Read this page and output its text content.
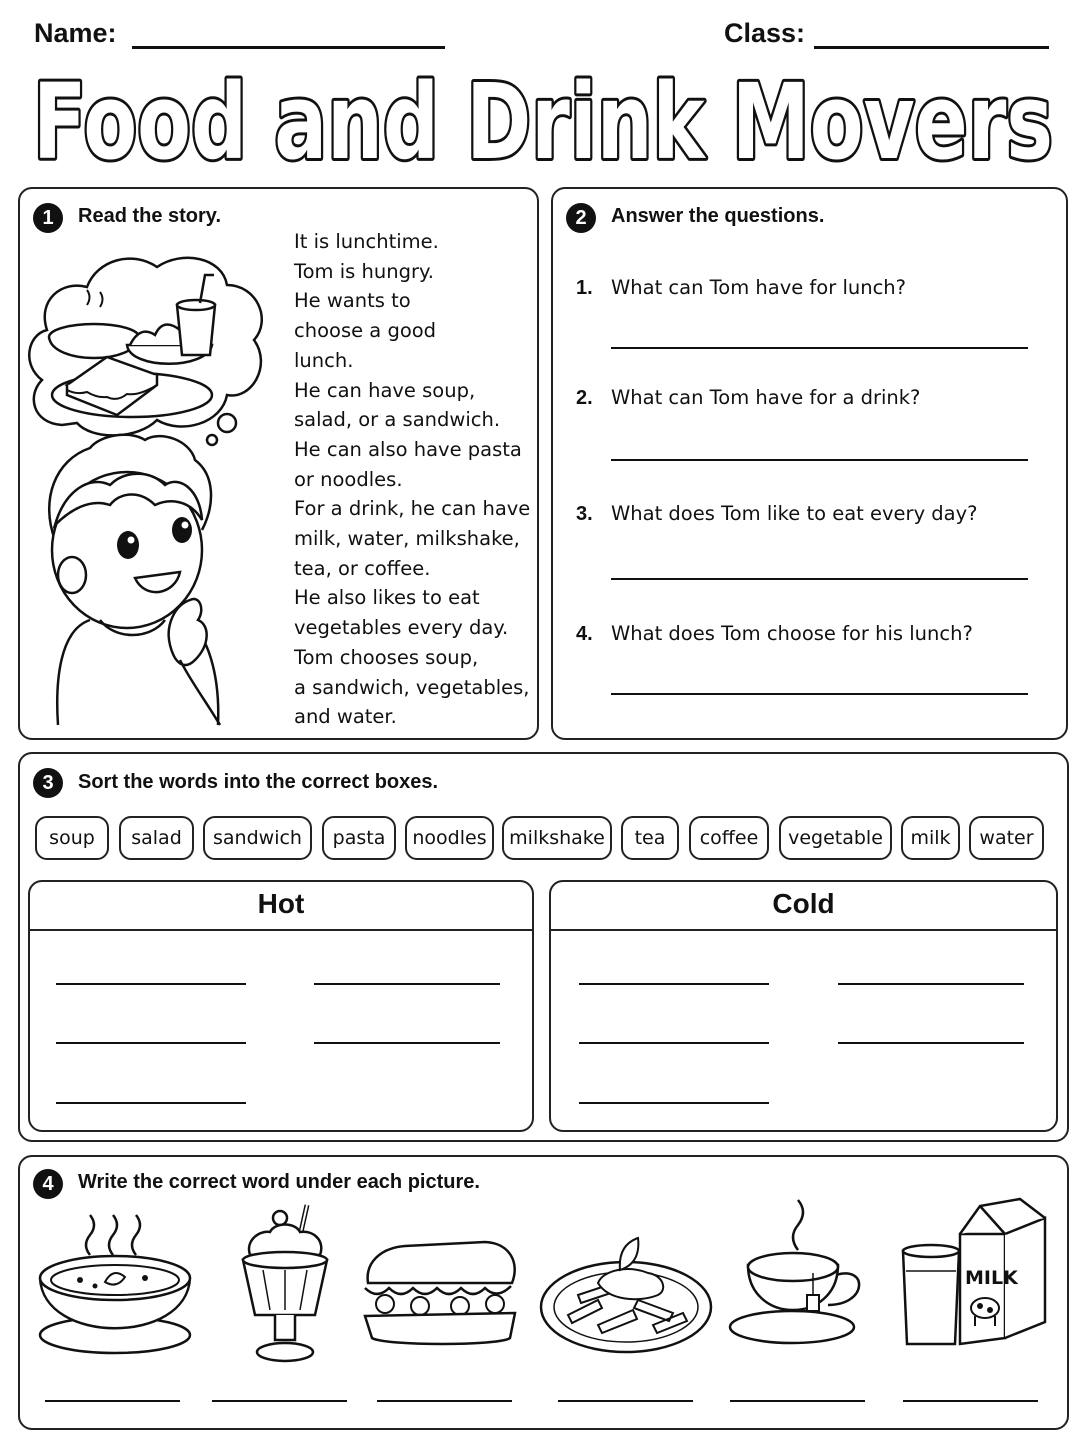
Name:	Class:
Food and Drink Movers
1	Read the story.
It is lunchtime.
Tom is hungry.
He wants to
choose a good
lunch.
He can have soup,
salad, or a sandwich.
He can also have pasta
or noodles.
For a drink, he can have
milk, water, milkshake,
tea, or coffee.
He also likes to eat
vegetables every day.
Tom chooses soup,
a sandwich, vegetables,
and water.
2	Answer the questions.
1. What can Tom have for lunch?
2. What can Tom have for a drink?
3. What does Tom like to eat every day?
4. What does Tom choose for his lunch?
3	Sort the words into the correct boxes.
soup	salad	sandwich	pasta	noodles	milkshake	tea	coffee	vegetable	milk	water
Hot	Cold
4	Write the correct word under each picture.
MILK
